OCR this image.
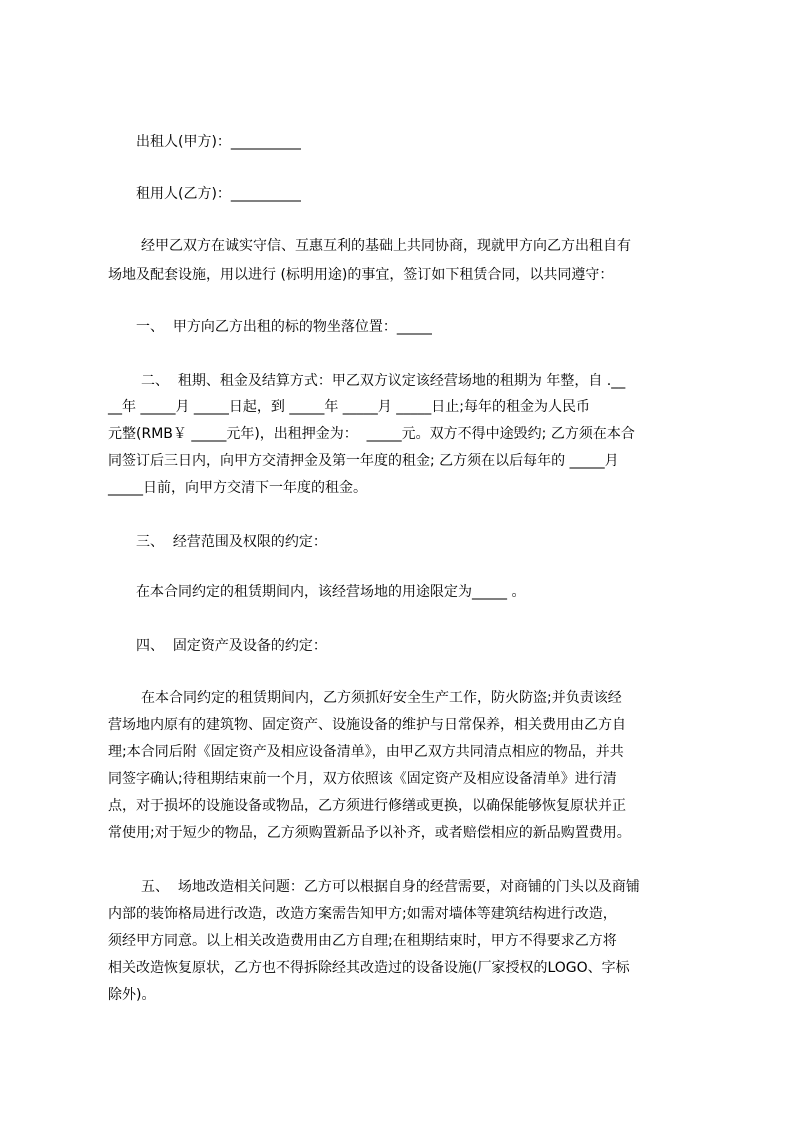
出租人(甲方)：__________
租用人(乙方)：__________
经甲乙双方在诚实守信、互惠互利的基础上共同协商，现就甲方向乙方出租自有
场地及配套设施，用以进行 (标明用途)的事宜，签订如下租赁合同，以共同遵守：
一、  甲方向乙方出租的标的物坐落位置：_____
二、  租期、租金及结算方式：甲乙双方议定该经营场地的租期为 年整，自 .__
__年 _____月 _____日起，到 _____年 _____月 _____日止;每年的租金为人民币
元整(RMB￥ _____元年)，出租押金为：  _____元。双方不得中途毁约; 乙方须在本合
同签订后三日内，向甲方交清押金及第一年度的租金; 乙方须在以后每年的 _____月
_____日前，向甲方交清下一年度的租金。
三、  经营范围及权限的约定：
在本合同约定的租赁期间内，该经营场地的用途限定为_____ 。
四、  固定资产及设备的约定：
在本合同约定的租赁期间内，乙方须抓好安全生产工作，防火防盗;并负责该经
营场地内原有的建筑物、固定资产、设施设备的维护与日常保养，相关费用由乙方自
理;本合同后附《固定资产及相应设备清单》，由甲乙双方共同清点相应的物品，并共
同签字确认;待租期结束前一个月，双方依照该《固定资产及相应设备清单》进行清
点，对于损坏的设施设备或物品，乙方须进行修缮或更换，以确保能够恢复原状并正
常使用;对于短少的物品，乙方须购置新品予以补齐，或者赔偿相应的新品购置费用。
五、  场地改造相关问题：乙方可以根据自身的经营需要，对商铺的门头以及商铺
内部的装饰格局进行改造，改造方案需告知甲方;如需对墙体等建筑结构进行改造，
须经甲方同意。以上相关改造费用由乙方自理;在租期结束时，甲方不得要求乙方将
相关改造恢复原状，乙方也不得拆除经其改造过的设备设施(厂家授权的LOGO、字标
除外)。
